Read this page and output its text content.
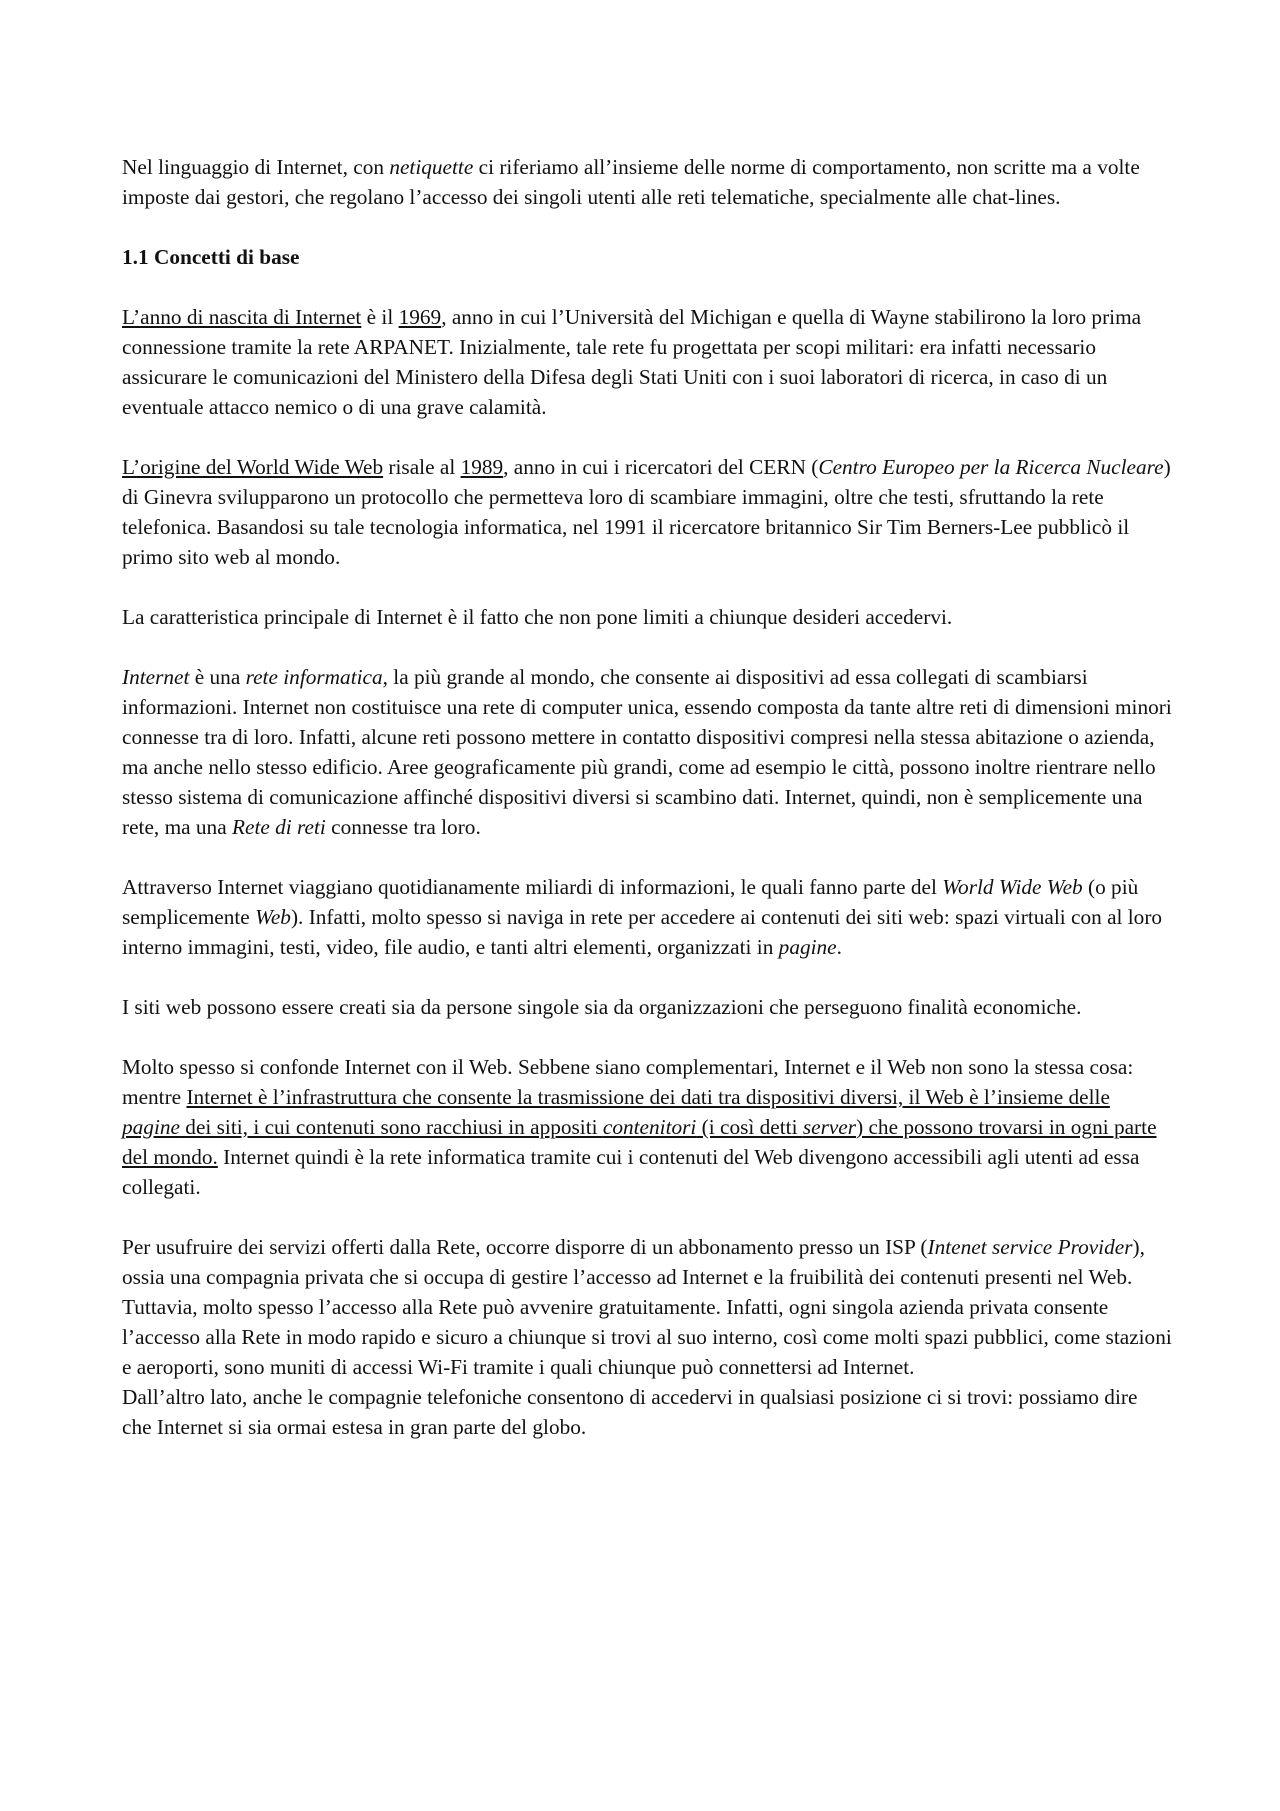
Nel linguaggio di Internet, con netiquette ci riferiamo all’insieme delle norme di comportamento, non scritte ma a volte imposte dai gestori, che regolano l’accesso dei singoli utenti alle reti telematiche, specialmente alle chat-lines.

1.1 Concetti di base

L’anno di nascita di Internet è il 1969, anno in cui l’Università del Michigan e quella di Wayne stabilirono la loro prima connessione tramite la rete ARPANET. Inizialmente, tale rete fu progettata per scopi militari: era infatti necessario assicurare le comunicazioni del Ministero della Difesa degli Stati Uniti con i suoi laboratori di ricerca, in caso di un eventuale attacco nemico o di una grave calamità.

L’origine del World Wide Web risale al 1989, anno in cui i ricercatori del CERN (Centro Europeo per la Ricerca Nucleare) di Ginevra svilupparono un protocollo che permetteva loro di scambiare immagini, oltre che testi, sfruttando la rete telefonica. Basandosi su tale tecnologia informatica, nel 1991 il ricercatore britannico Sir Tim Berners-Lee pubblicò il primo sito web al mondo.

La caratteristica principale di Internet è il fatto che non pone limiti a chiunque desideri accedervi.

Internet è una rete informatica, la più grande al mondo, che consente ai dispositivi ad essa collegati di scambiarsi informazioni. Internet non costituisce una rete di computer unica, essendo composta da tante altre reti di dimensioni minori connesse tra di loro. Infatti, alcune reti possono mettere in contatto dispositivi compresi nella stessa abitazione o azienda, ma anche nello stesso edificio. Aree geograficamente più grandi, come ad esempio le città, possono inoltre rientrare nello stesso sistema di comunicazione affinché dispositivi diversi si scambino dati. Internet, quindi, non è semplicemente una rete, ma una Rete di reti connesse tra loro.

Attraverso Internet viaggiano quotidianamente miliardi di informazioni, le quali fanno parte del World Wide Web (o più semplicemente Web). Infatti, molto spesso si naviga in rete per accedere ai contenuti dei siti web: spazi virtuali con al loro interno immagini, testi, video, file audio, e tanti altri elementi, organizzati in pagine.

I siti web possono essere creati sia da persone singole sia da organizzazioni che perseguono finalità economiche.

Molto spesso si confonde Internet con il Web. Sebbene siano complementari, Internet e il Web non sono la stessa cosa: mentre Internet è l’infrastruttura che consente la trasmissione dei dati tra dispositivi diversi, il Web è l’insieme delle pagine dei siti, i cui contenuti sono racchiusi in appositi contenitori (i così detti server) che possono trovarsi in ogni parte del mondo. Internet quindi è la rete informatica tramite cui i contenuti del Web divengono accessibili agli utenti ad essa collegati.

Per usufruire dei servizi offerti dalla Rete, occorre disporre di un abbonamento presso un ISP (Intenet service Provider), ossia una compagnia privata che si occupa di gestire l’accesso ad Internet e la fruibilità dei contenuti presenti nel Web. Tuttavia, molto spesso l’accesso alla Rete può avvenire gratuitamente. Infatti, ogni singola azienda privata consente l’accesso alla Rete in modo rapido e sicuro a chiunque si trovi al suo interno, così come molti spazi pubblici, come stazioni e aeroporti, sono muniti di accessi Wi-Fi tramite i quali chiunque può connettersi ad Internet.

Dall’altro lato, anche le compagnie telefoniche consentono di accedervi in qualsiasi posizione ci si trovi: possiamo dire che Internet si sia ormai estesa in gran parte del globo.
